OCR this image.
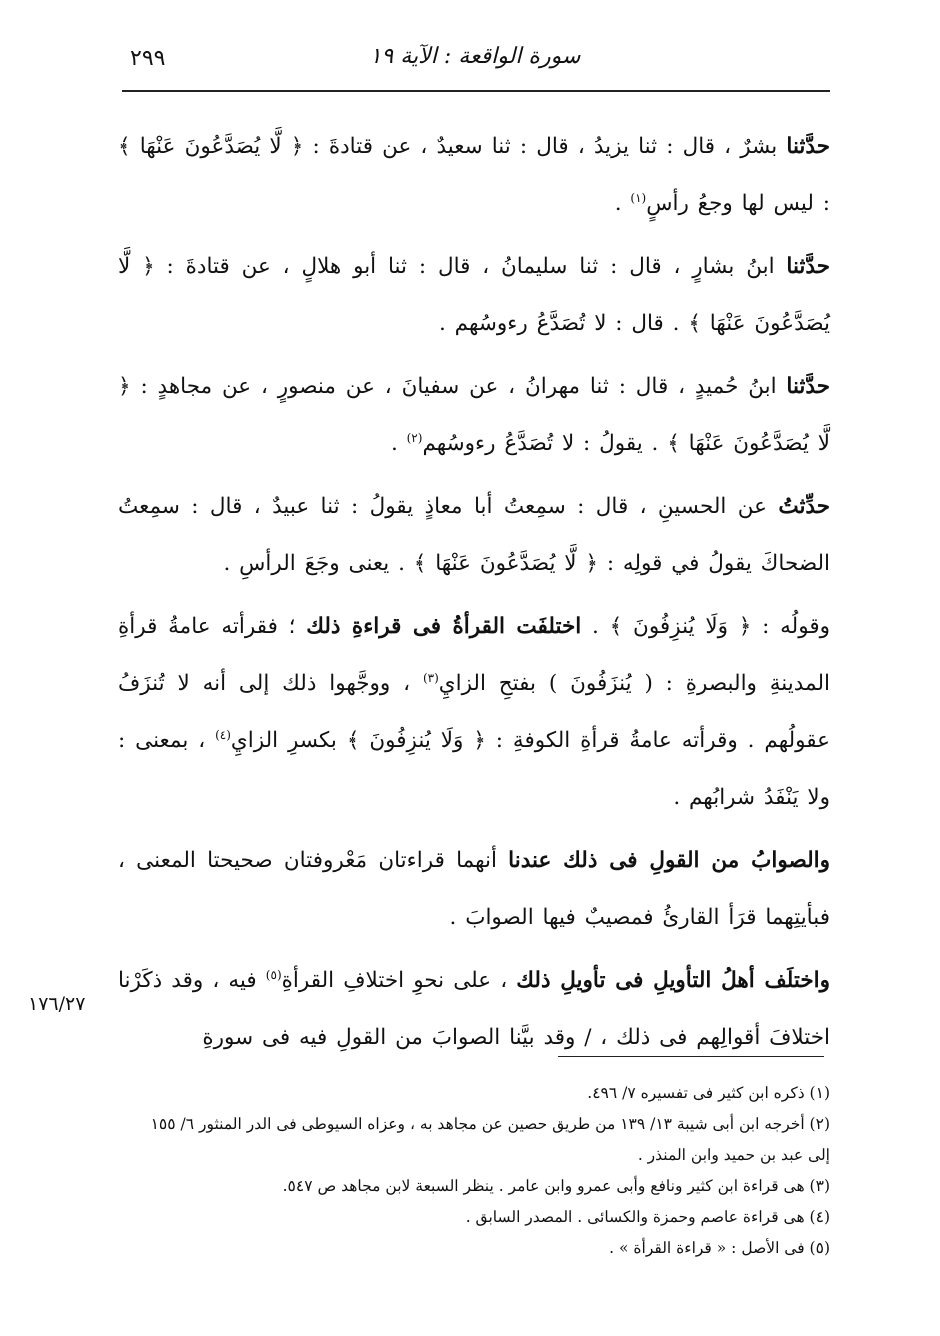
٢٩٩	سورة الواقعة : الآية ١٩

حدَّثنا بشرٌ ، قال : ثنا يزيدُ ، قال : ثنا سعيدٌ ، عن قتادةَ : ﴿ لَّا يُصَدَّعُونَ عَنْهَا ﴾ : ليس لها وجعُ رأسٍ$^{(١)}$ .

حدَّثنا ابنُ بشارٍ ، قال : ثنا سليمانُ ، قال : ثنا أبو هلالٍ ، عن قتادةَ : ﴿ لَّا يُصَدَّعُونَ عَنْهَا ﴾ . قال : لا تُصَدَّعُ رءوسُهم .

حدَّثنا ابنُ حُميدٍ ، قال : ثنا مهرانُ ، عن سفيانَ ، عن منصورٍ ، عن مجاهدٍ : ﴿ لَّا يُصَدَّعُونَ عَنْهَا ﴾ . يقولُ : لا تُصَدَّعُ رءوسُهم$^{(٢)}$ .

حدِّثتُ عن الحسينِ ، قال : سمِعتُ أبا معاذٍ يقولُ : ثنا عبيدٌ ، قال : سمِعتُ الضحاكَ يقولُ في قولِه : ﴿ لَّا يُصَدَّعُونَ عَنْهَا ﴾ . يعنى وجَعَ الرأسِ .

وقولُه : ﴿ وَلَا يُنزِفُونَ ﴾ . اختلفَت القرأةُ فى قراءةِ ذلك ؛ فقرأته عامةُ قرأةِ المدينةِ والبصرةِ : ( يُنزَفُونَ ) بفتحِ الزايِ$^{(٣)}$ ، ووجَّهوا ذلك إلى أنه لا تُنزَفُ عقولُهم . وقرأته عامةُ قرأةِ الكوفةِ : ﴿ وَلَا يُنزِفُونَ ﴾ بكسرِ الزايِ$^{(٤)}$ ، بمعنى : ولا يَنْفَدُ شرابُهم .

والصوابُ من القولِ فى ذلك عندنا أنهما قراءتان مَعْروفتان صحيحتا المعنى ، فبأيتِهما قرَأ القارئُ فمصيبٌ فيها الصوابَ .

واختلَف أهلُ التأويلِ فى تأويلِ ذلك ، على نحوِ اختلافِ القرأةِ$^{(٥)}$ فيه ، وقد ذكَرْنا اختلافَ أقوالِهم فى ذلك ، / وقد بيَّنا الصوابَ من القولِ فيه فى سورةِ

١٧٦/٢٧

(١) ذكره ابن كثير فى تفسيره ٧/ ٤٩٦.

(٢) أخرجه ابن أبى شيبة ١٣/ ١٣٩ من طريق حصين عن مجاهد به ، وعزاه السيوطى فى الدر المنثور ٦/ ١٥٥

إلى عبد بن حميد وابن المنذر .

(٣) هى قراءة ابن كثير ونافع وأبى عمرو وابن عامر . ينظر السبعة لابن مجاهد ص ٥٤٧.

(٤) هى قراءة عاصم وحمزة والكسائى . المصدر السابق .

(٥) فى الأصل : « قراءة القرأة » .
